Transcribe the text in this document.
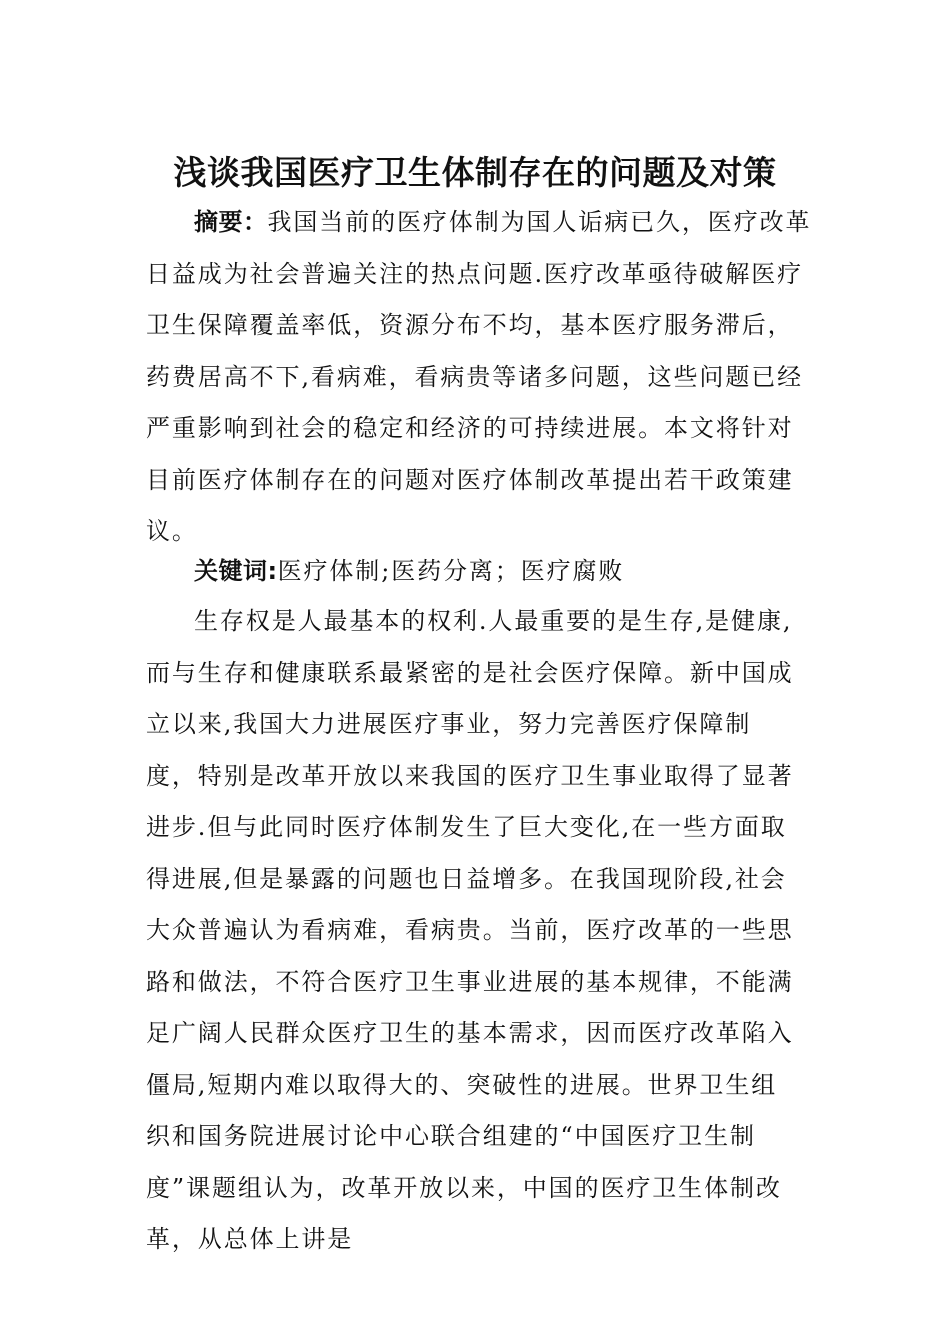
浅谈我国医疗卫生体制存在的问题及对策

摘要：我国当前的医疗体制为国人诟病已久，医疗改革日益成为社会普遍关注的热点问题.医疗改革亟待破解医疗卫生保障覆盖率低，资源分布不均，基本医疗服务滞后，药费居高不下,看病难，看病贵等诸多问题，这些问题已经严重影响到社会的稳定和经济的可持续进展。本文将针对目前医疗体制存在的问题对医疗体制改革提出若干政策建议。

关键词:医疗体制;医药分离；医疗腐败

生存权是人最基本的权利.人最重要的是生存,是健康,而与生存和健康联系最紧密的是社会医疗保障。新中国成立以来,我国大力进展医疗事业，努力完善医疗保障制度，特别是改革开放以来我国的医疗卫生事业取得了显著进步.但与此同时医疗体制发生了巨大变化,在一些方面取得进展,但是暴露的问题也日益增多。在我国现阶段,社会大众普遍认为看病难，看病贵。当前，医疗改革的一些思路和做法，不符合医疗卫生事业进展的基本规律，不能满足广阔人民群众医疗卫生的基本需求，因而医疗改革陷入僵局,短期内难以取得大的、突破性的进展。世界卫生组织和国务院进展讨论中心联合组建的“中国医疗卫生制度”课题组认为，改革开放以来，中国的医疗卫生体制改革，从总体上讲是
